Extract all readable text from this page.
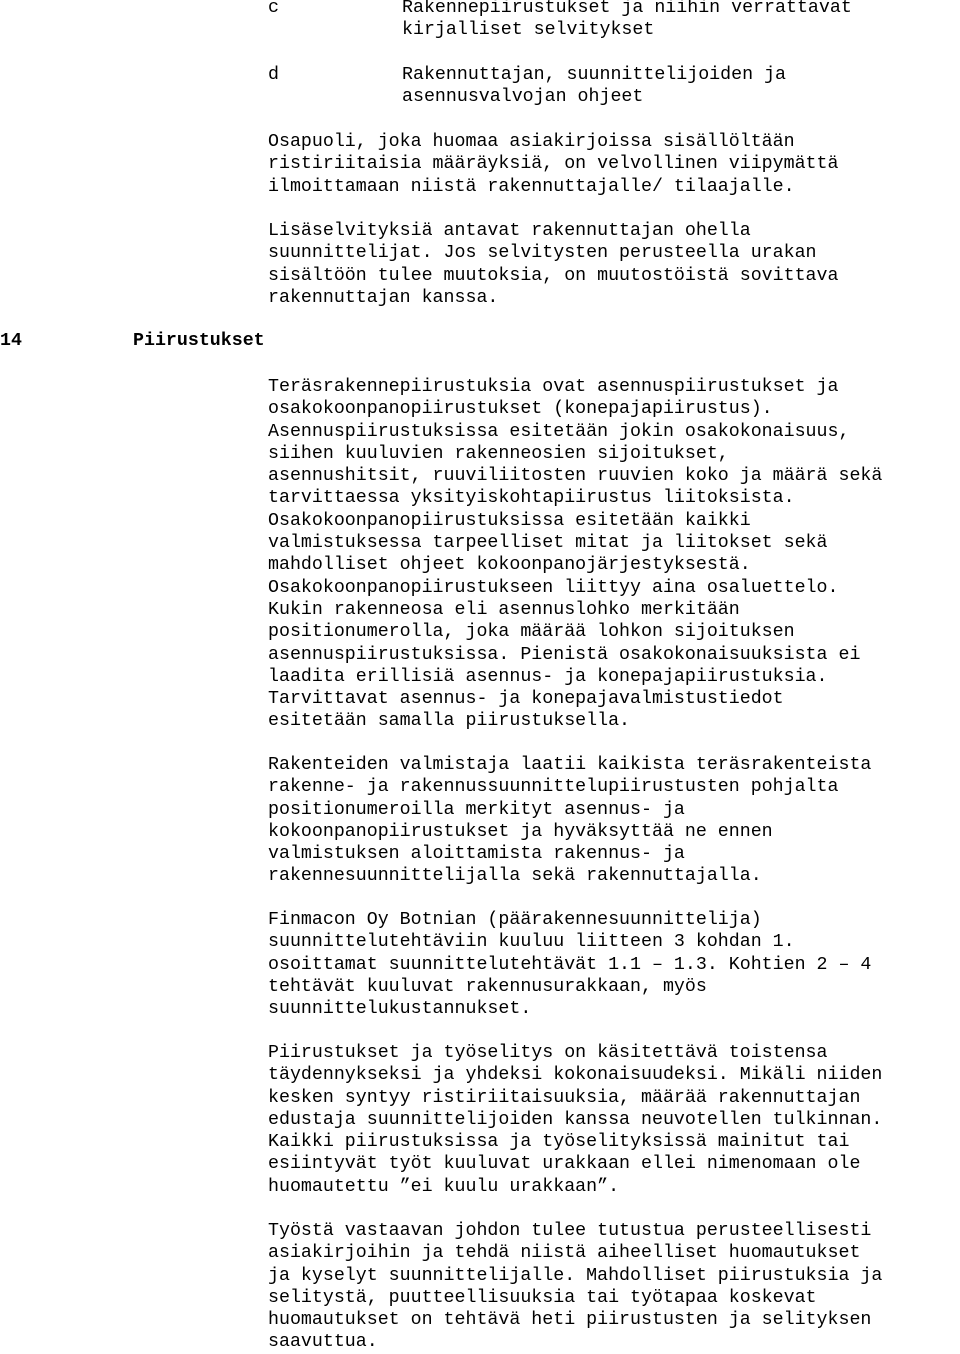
c	Rakennepiirustukset ja niihin verrattavat
kirjalliset selvitykset
d	Rakennuttajan, suunnittelijoiden ja
asennusvalvojan ohjeet
Osapuoli, joka huomaa asiakirjoissa sisällöltään
ristiriitaisia määräyksiä, on velvollinen viipymättä
ilmoittamaan niistä rakennuttajalle/ tilaajalle.
Lisäselvityksiä antavat rakennuttajan ohella
suunnittelijat. Jos selvitysten perusteella urakan
sisältöön tulee muutoksia, on muutostöistä sovittava
rakennuttajan kanssa.
14	Piirustukset
Teräsrakennepiirustuksia ovat asennuspiirustukset ja
osakokoonpanopiirustukset (konepajapiirustus).
Asennuspiirustuksissa esitetään jokin osakokonaisuus,
siihen kuuluvien rakenneosien sijoitukset,
asennushitsit, ruuviliitosten ruuvien koko ja määrä sekä
tarvittaessa yksityiskohtapiirustus liitoksista.
Osakokoonpanopiirustuksissa esitetään kaikki
valmistuksessa tarpeelliset mitat ja liitokset sekä
mahdolliset ohjeet kokoonpanojärjestyksestä.
Osakokoonpanopiirustukseen liittyy aina osaluettelo.
Kukin rakenneosa eli asennuslohko merkitään
positionumerolla, joka määrää lohkon sijoituksen
asennuspiirustuksissa. Pienistä osakokonaisuuksista ei
laadita erillisiä asennus- ja konepajapiirustuksia.
Tarvittavat asennus- ja konepajavalmistustiedot
esitetään samalla piirustuksella.
Rakenteiden valmistaja laatii kaikista teräsrakenteista
rakenne- ja rakennussuunnittelupiirustusten pohjalta
positionumeroilla merkityt asennus- ja
kokoonpanopiirustukset ja hyväksyttää ne ennen
valmistuksen aloittamista rakennus- ja
rakennesuunnittelijalla sekä rakennuttajalla.
Finmacon Oy Botnian (päärakennesuunnittelija)
suunnittelutehtäviin kuuluu liitteen 3 kohdan 1.
osoittamat suunnittelutehtävät 1.1 – 1.3. Kohtien 2 – 4
tehtävät kuuluvat rakennusurakkaan, myös
suunnittelukustannukset.
Piirustukset ja työselitys on käsitettävä toistensa
täydennykseksi ja yhdeksi kokonaisuudeksi. Mikäli niiden
kesken syntyy ristiriitaisuuksia, määrää rakennuttajan
edustaja suunnittelijoiden kanssa neuvotellen tulkinnan.
Kaikki piirustuksissa ja työselityksissä mainitut tai
esiintyvät työt kuuluvat urakkaan ellei nimenomaan ole
huomautettu ”ei kuulu urakkaan”.
Työstä vastaavan johdon tulee tutustua perusteellisesti
asiakirjoihin ja tehdä niistä aiheelliset huomautukset
ja kyselyt suunnittelijalle. Mahdolliset piirustuksia ja
selitystä, puutteellisuuksia tai työtapaa koskevat
huomautukset on tehtävä heti piirustusten ja selityksen
saavuttua.
